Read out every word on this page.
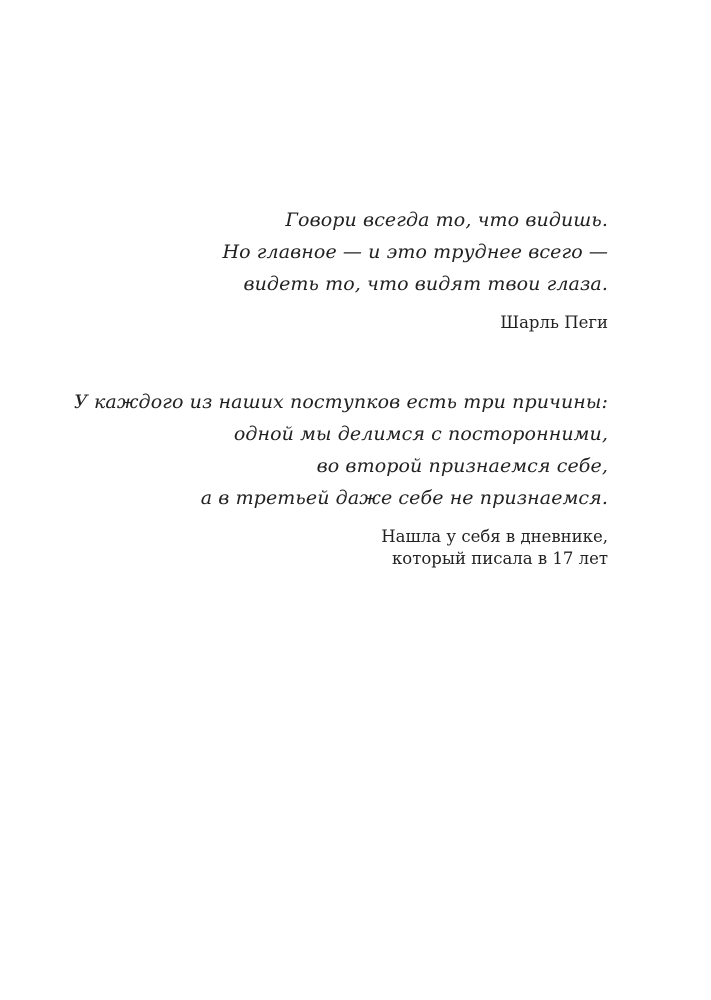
Говори всегда то, что видишь.
Но главное — и это труднее всего —
видеть то, что видят твои глаза.
Шарль Пеги
У каждого из наших поступков есть три причины:
одной мы делимся с посторонними,
во второй признаемся себе,
а в третьей даже себе не признаемся.
Нашла у себя в дневнике,
который писала в 17 лет
